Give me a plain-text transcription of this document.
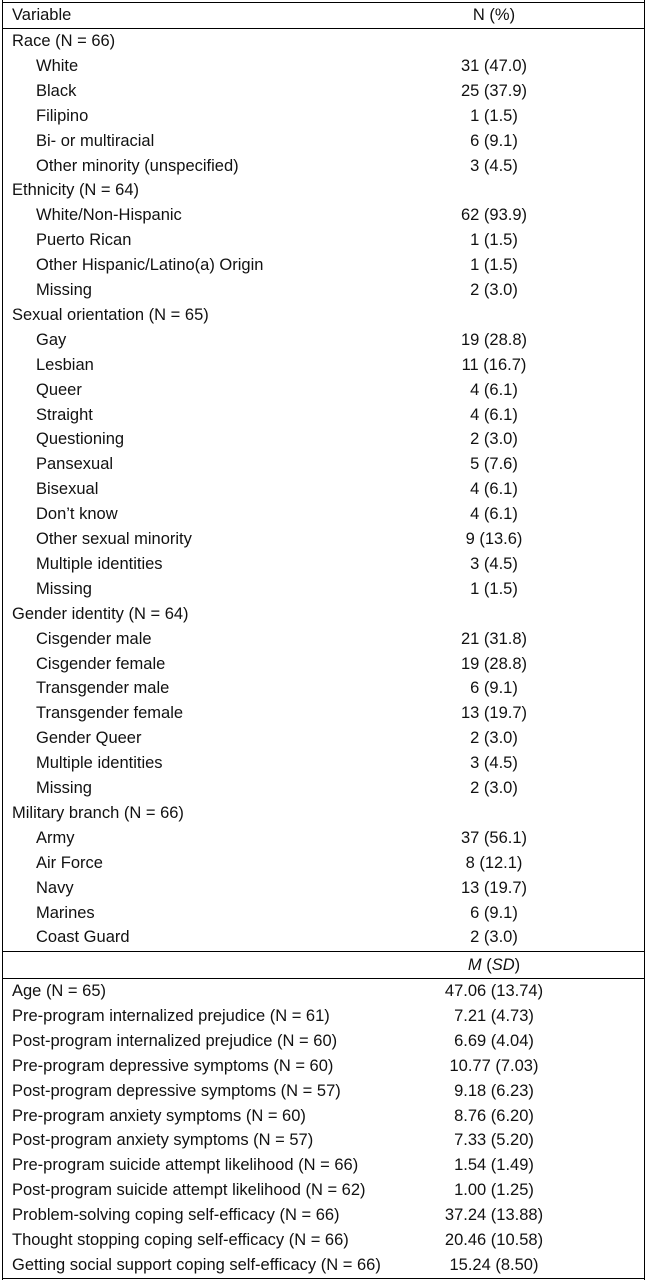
Variable	N (%)
Race (N = 66)
White	31 (47.0)
Black	25 (37.9)
Filipino	1 (1.5)
Bi- or multiracial	6 (9.1)
Other minority (unspecified)	3 (4.5)
Ethnicity (N = 64)
White/Non-Hispanic	62 (93.9)
Puerto Rican	1 (1.5)
Other Hispanic/Latino(a) Origin	1 (1.5)
Missing	2 (3.0)
Sexual orientation (N = 65)
Gay	19 (28.8)
Lesbian	11 (16.7)
Queer	4 (6.1)
Straight	4 (6.1)
Questioning	2 (3.0)
Pansexual	5 (7.6)
Bisexual	4 (6.1)
Don’t know	4 (6.1)
Other sexual minority	9 (13.6)
Multiple identities	3 (4.5)
Missing	1 (1.5)
Gender identity (N = 64)
Cisgender male	21 (31.8)
Cisgender female	19 (28.8)
Transgender male	6 (9.1)
Transgender female	13 (19.7)
Gender Queer	2 (3.0)
Multiple identities	3 (4.5)
Missing	2 (3.0)
Military branch (N = 66)
Army	37 (56.1)
Air Force	8 (12.1)
Navy	13 (19.7)
Marines	6 (9.1)
Coast Guard	2 (3.0)
M (SD)
Age (N = 65)	47.06 (13.74)
Pre-program internalized prejudice (N = 61)	7.21 (4.73)
Post-program internalized prejudice (N = 60)	6.69 (4.04)
Pre-program depressive symptoms (N = 60)	10.77 (7.03)
Post-program depressive symptoms (N = 57)	9.18 (6.23)
Pre-program anxiety symptoms (N = 60)	8.76 (6.20)
Post-program anxiety symptoms (N = 57)	7.33 (5.20)
Pre-program suicide attempt likelihood (N = 66)	1.54 (1.49)
Post-program suicide attempt likelihood (N = 62)	1.00 (1.25)
Problem-solving coping self-efficacy (N = 66)	37.24 (13.88)
Thought stopping coping self-efficacy (N = 66)	20.46 (10.58)
Getting social support coping self-efficacy (N = 66)	15.24 (8.50)
